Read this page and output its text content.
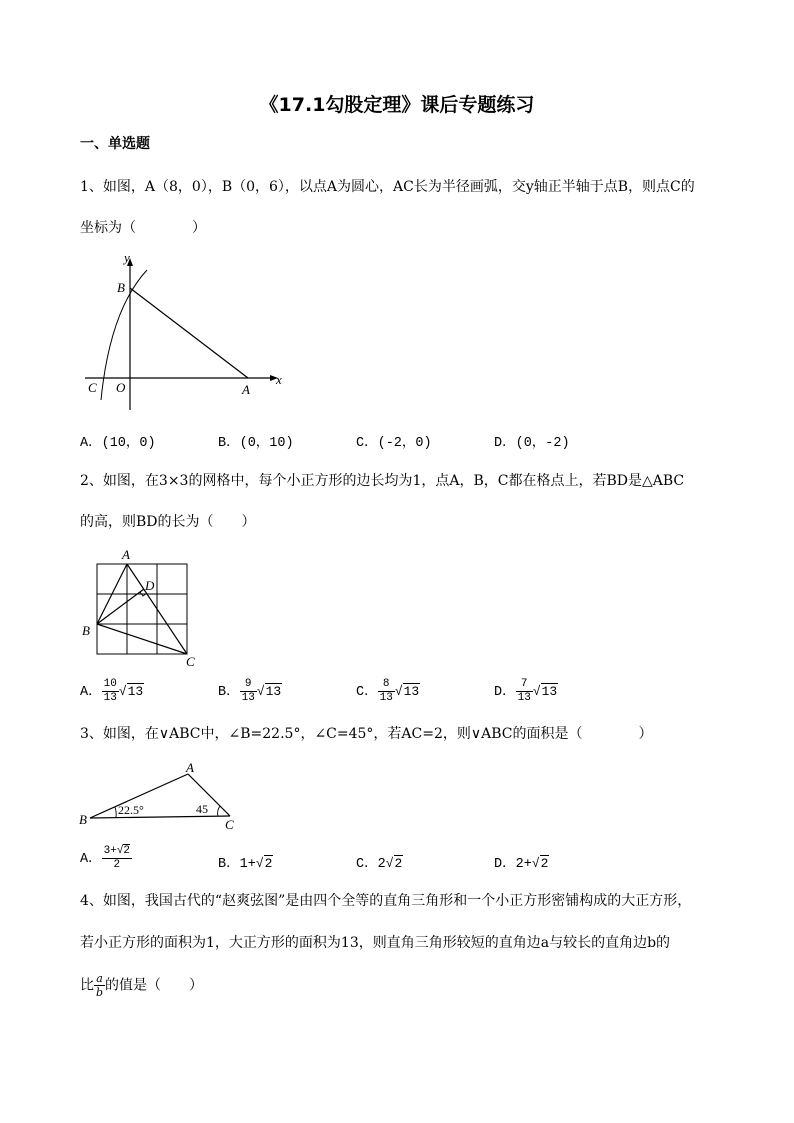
《17.1勾股定理》课后专题练习
一、单选题
1、如图，A（8，0），B（0，6），以点A为圆心，AC长为半径画弧，交y轴正半轴于点B，则点C的
坐标为（　　　　）
y
x
B
C O	A
A．(10，0)	B．(0，10)	C．(-2，0)	D．(0，-2)
2、如图，在3×3的网格中，每个小正方形的边长均为1，点A，B，C都在格点上，若BD是△ABC
的高，则BD的长为（　　）
A
B
C
D
A． $\frac{10}{13} √13$	B． $\frac{9}{13} √13$	C． $\frac{8}{13} √13$	D． $\frac{7}{13} √13$
3、如图，在∨ABC中，∠B=22.5°，∠C=45°，若AC=2，则∨ABC的面积是（　　　　）
A
B	C
22.5°	45
A． $\frac{3+√2}{2}$	B．1+√2	C．2√2	D．2+√2
4、如图，我国古代的“赵爽弦图”是由四个全等的直角三角形和一个小正方形密铺构成的大正方形，
若小正方形的面积为1，大正方形的面积为13，则直角三角形较短的直角边a与较长的直角边b的
比 $\frac{a}{b}$ 的值是（　　）
